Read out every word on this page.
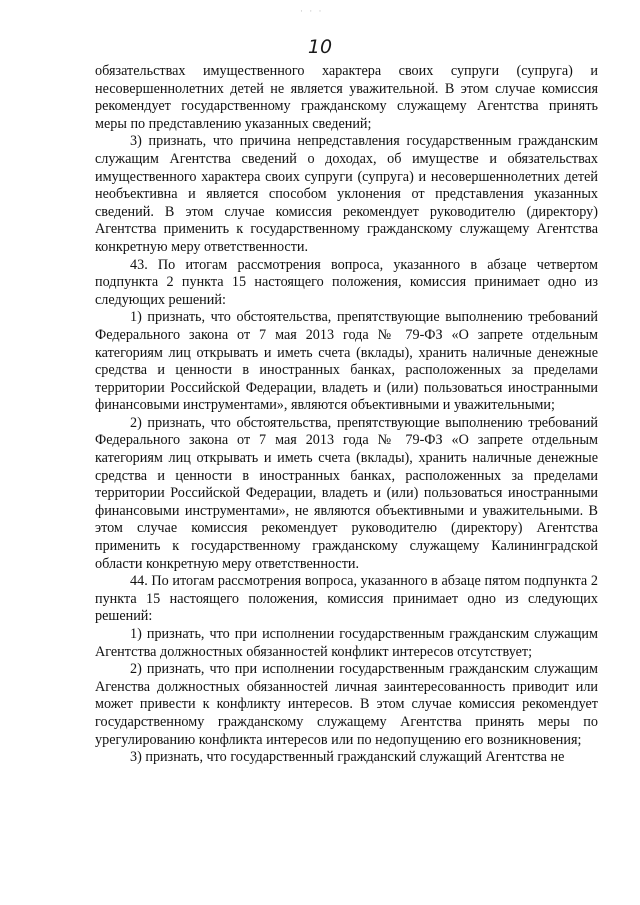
· · ·
10

обязательствах имущественного характера своих супруги (супруга) и несовершеннолетних детей не является уважительной. В этом случае комиссия рекомендует государственному гражданскому служащему Агентства принять меры по представлению указанных сведений;

3) признать, что причина непредставления государственным гражданским служащим Агентства сведений о доходах, об имуществе и обязательствах имущественного характера своих супруги (супруга) и несовершеннолетних детей необъективна и является способом уклонения от представления указанных сведений. В этом случае комиссия рекомендует руководителю (директору) Агентства применить к государственному гражданскому служащему Агентства конкретную меру ответственности.

43. По итогам рассмотрения вопроса, указанного в абзаце четвертом подпункта 2 пункта 15 настоящего положения, комиссия принимает одно из следующих решений:

1) признать, что обстоятельства, препятствующие выполнению требований Федерального закона от 7 мая 2013 года № 79-ФЗ «О запрете отдельным категориям лиц открывать и иметь счета (вклады), хранить наличные денежные средства и ценности в иностранных банках, расположенных за пределами территории Российской Федерации, владеть и (или) пользоваться иностранными финансовыми инструментами», являются объективными и уважительными;

2) признать, что обстоятельства, препятствующие выполнению требований Федерального закона от 7 мая 2013 года № 79-ФЗ «О запрете отдельным категориям лиц открывать и иметь счета (вклады), хранить наличные денежные средства и ценности в иностранных банках, расположенных за пределами территории Российской Федерации, владеть и (или) пользоваться иностранными финансовыми инструментами», не являются объективными и уважительными. В этом случае комиссия рекомендует руководителю (директору) Агентства применить к государственному гражданскому служащему Калининградской области конкретную меру ответственности.

44. По итогам рассмотрения вопроса, указанного в абзаце пятом подпункта 2 пункта 15 настоящего положения, комиссия принимает одно из следующих решений:

1) признать, что при исполнении государственным гражданским служащим Агентства должностных обязанностей конфликт интересов отсутствует;

2) признать, что при исполнении государственным гражданским служащим Агенства должностных обязанностей личная заинтересованность приводит или может привести к конфликту интересов. В этом случае комиссия рекомендует государственному гражданскому служащему Агентства принять меры по урегулированию конфликта интересов или по недопущению его возникновения;

3) признать, что государственный гражданский служащий Агентства не
